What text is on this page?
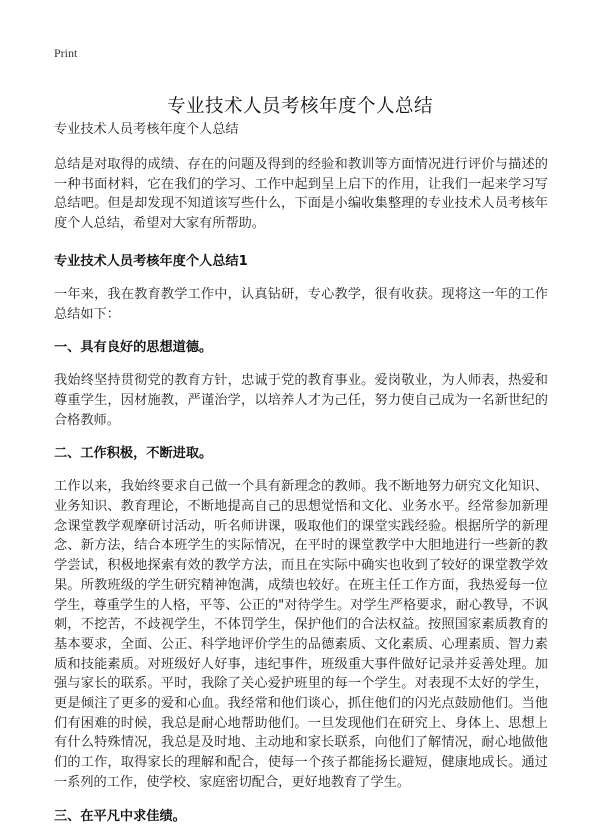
Print
专业技术人员考核年度个人总结
专业技术人员考核年度个人总结

总结是对取得的成绩、存在的问题及得到的经验和教训等方面情况进行评价与描述的一种书面材料，它在我们的学习、工作中起到呈上启下的作用，让我们一起来学习写总结吧。但是却发现不知道该写些什么，下面是小编收集整理的专业技术人员考核年度个人总结，希望对大家有所帮助。

专业技术人员考核年度个人总结1

一年来，我在教育教学工作中，认真钻研，专心教学，很有收获。现将这一年的工作总结如下：

一、具有良好的思想道德。

我始终坚持贯彻党的教育方针，忠诚于党的教育事业。爱岗敬业，为人师表，热爱和尊重学生，因材施教，严谨治学，以培养人才为己任，努力使自己成为一名新世纪的合格教师。

二、工作积极，不断进取。

工作以来，我始终要求自己做一个具有新理念的教师。我不断地努力研究文化知识、业务知识、教育理论，不断地提高自己的思想觉悟和文化、业务水平。经常参加新理念课堂教学观摩研讨活动，听名师讲课，吸取他们的课堂实践经验。根据所学的新理念、新方法，结合本班学生的实际情况，在平时的课堂教学中大胆地进行一些新的教学尝试，积极地探索有效的教学方法，而且在实际中确实也收到了较好的课堂教学效果。所教班级的学生研究精神饱满，成绩也较好。在班主任工作方面，我热爱每一位学生，尊重学生的人格，平等、公正的"对待学生。对学生严格要求，耐心教导，不讽刺，不挖苦，不歧视学生，不体罚学生，保护他们的合法权益。按照国家素质教育的基本要求，全面、公正、科学地评价学生的品德素质、文化素质、心理素质、智力素质和技能素质。对班级好人好事，违纪事件，班级重大事件做好记录并妥善处理。加强与家长的联系。平时，我除了关心爱护班里的每一个学生。对表现不太好的学生，更是倾注了更多的爱和心血。我经常和他们谈心，抓住他们的闪光点鼓励他们。当他们有困难的时候，我总是耐心地帮助他们。一旦发现他们在研究上、身体上、思想上有什么特殊情况，我总是及时地、主动地和家长联系，向他们了解情况，耐心地做他们的工作，取得家长的理解和配合，使每一个孩子都能扬长避短，健康地成长。通过一系列的工作，使学校、家庭密切配合，更好地教育了学生。

三、在平凡中求佳绩。
